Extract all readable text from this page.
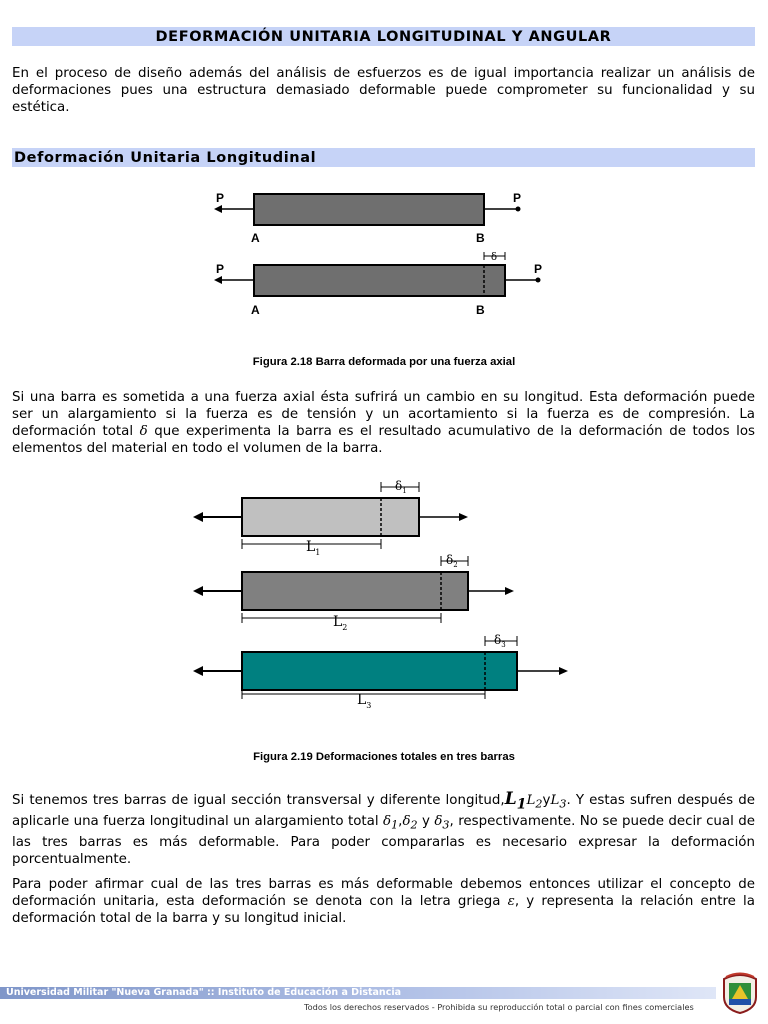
DEFORMACIÓN UNITARIA LONGITUDINAL Y ANGULAR

En el proceso de diseño además del análisis de esfuerzos es de igual importancia realizar un análisis de deformaciones pues una estructura demasiado deformable puede comprometer su funcionalidad y su estética.

Deformación Unitaria Longitudinal
P	P
A	B
δ
P	P
A	B
Figura 2.18 Barra deformada por una fuerza axial

Si una barra es sometida a una fuerza axial ésta sufrirá un cambio en su longitud. Esta deformación puede ser un alargamiento si la fuerza es de tensión y un acortamiento si la fuerza es de compresión. La deformación total δ que experimenta la barra es el resultado acumulativo de la deformación de todos los elementos del material en todo el volumen de la barra.

$\delta_1$
$L_1$
$\delta_2$
$L_2$
$\delta_3$
$L_3$
Figura 2.19 Deformaciones totales en tres barras

Si tenemos tres barras de igual sección transversal y diferente $longitud,L_1L_2yL_3$. Y estas sufren después de aplicarle una fuerza longitudinal un alargamiento total $\delta_1,\delta_2$ y $\delta_3$, respectivamente. No se puede decir cual de las tres barras es más deformable. Para poder compararlas es necesario expresar la deformación porcentualmente.

Para poder afirmar cual de las tres barras es más deformable debemos entonces utilizar el concepto de deformación unitaria, esta deformación se denota con la letra griega ε, y representa la relación entre la deformación total de la barra y su longitud inicial.

Universidad Militar "Nueva Granada" :: Instituto de Educación a Distancia
Todos los derechos reservados - Prohibida su reproducción total o parcial con fines comerciales
